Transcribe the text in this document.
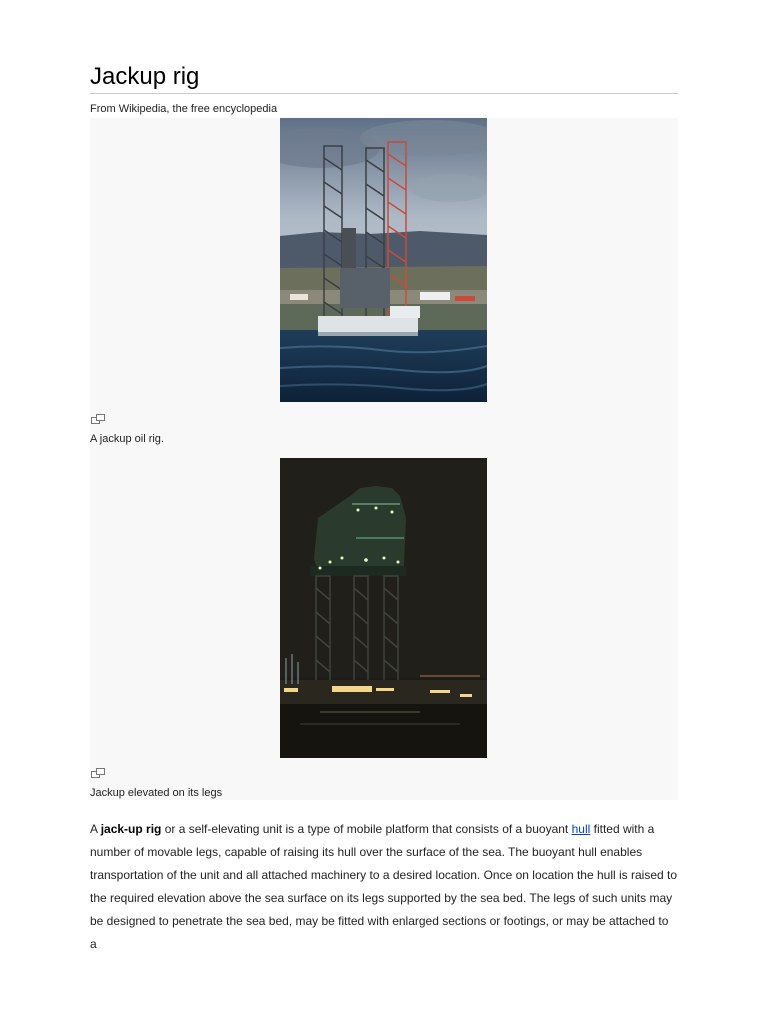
Jackup rig
From Wikipedia, the free encyclopedia
A jackup oil rig.
Jackup elevated on its legs

A jack-up rig or a self-elevating unit is a type of mobile platform that consists of a buoyant hull fitted with a number of movable legs, capable of raising its hull over the surface of the sea. The buoyant hull enables transportation of the unit and all attached machinery to a desired location. Once on location the hull is raised to the required elevation above the sea surface on its legs supported by the sea bed. The legs of such units may be designed to penetrate the sea bed, may be fitted with enlarged sections or footings, or may be attached to a
